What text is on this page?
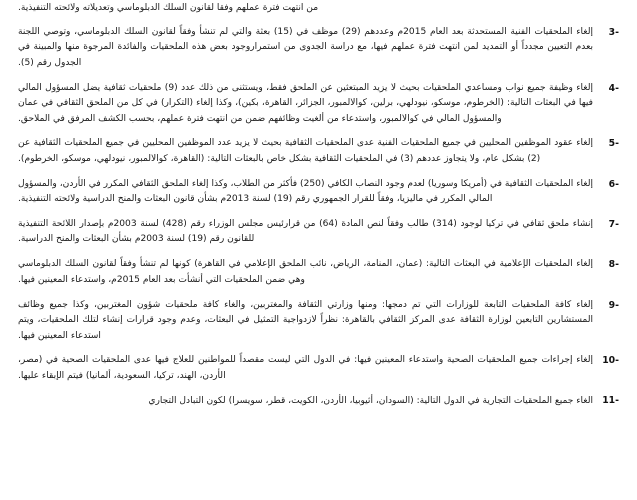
من انتهت فترة عملهم وفقا لقانون السلك الدبلوماسي وتعديلاته ولائحته التنفيذية.
3-
إلغاء الملحقيات الفنية المستحدثة بعد العام 2015م وعددهم (29) موظف في (15) بعثة والتي لم تنشأ وفقاً لقانون السلك الدبلوماسي، وتوصي اللجنة بعدم التعيين مجدداً أو التمديد لمن انتهت فترة عملهم فيها، مع دراسة الجدوى من استمراروجود بعض هذه الملحقيات والفائدة المرجوة منها والمبينة في الجدول رقم (5).
4-
إلغاء وظيفة جميع نواب ومساعدي الملحقيات بحيث لا يزيد المبتعثين عن الملحق فقط، ويستثنى من ذلك عدد (9) ملحقيات ثقافية يضل المسؤول المالي فيها في البعثات التالية: (الخرطوم، موسكو، نيودلهي، برلين، كوالالمبور، الجزائر، القاهرة، بكين)، وكذا إلغاء (التكرار) في كل من الملحق الثقافي في عمان والمسؤول المالي في كوالالمبور، واستدعاء من ألغيت وظائفهم ضمن من انتهت فترة عملهم، بحسب الكشف المرفق في الملاحق.
5-
إلغاء عقود الموظفين المحليين في جميع الملحقيات الفنية عدى الملحقيات الثقافية بحيث لا يزيد عدد الموظفين المحليين في جميع الملحقيات الثقافية عن (2) بشكل عام، ولا يتجاوز عددهم (3) في الملحقيات الثقافية بشكل خاص بالبعثات التالية: (القاهرة، كوالالمبور، نيودلهي، موسكو، الخرطوم).
6-
إلغاء الملحقيات الثقافية في (أمريكا وسوريا) لعدم وجود النصاب الكافي (250) فأكثر من الطلاب، وكذا إلغاء الملحق الثقافي المكرر في الأردن، والمسؤول المالي المكرر في ماليزيا، وفقاً للقرار الجمهوري رقم (19) لسنة 2013م بشأن قانون البعثات والمنح الدراسية ولائحته التنفيذية.
7-
إنشاء ملحق ثقافي في تركيا لوجود (314) طالب وفقاً لنص المادة (64) من قرارئيس مجلس الوزراء رقم (428) لسنة 2003م بإصدار اللائحة التنفيذية للقانون رقم (19) لسنة 2003م بشأن البعثات والمنح الدراسية.
8-
إلغاء الملحقيات الإعلامية في البعثات التالية: (عمان، المنامة، الرياض، نائب الملحق الإعلامي في القاهرة) كونها لم تنشأ وفقاً لقانون السلك الدبلوماسي وهي ضمن الملحقيات التي أنشأت بعد العام 2015م، واستدعاء المعينين فيها.
9-
إلغاء كافة الملحقيات التابعة للوزارات التي تم دمجها: ومنها وزارتي الثقافة والمغتربين، والغاء كافة ملحقيات شؤون المغتربين، وكذا جميع وظائف المستشارين التابعين لوزارة الثقافة عدى المركز الثقافي بالقاهرة: نظراً لازدواجية التمثيل في البعثات، وعدم وجود قرارات إنشاء لتلك الملحقيات، ويتم استدعاء المعينين فيها.
10-
إلغاء إجراءات جميع الملحقيات الصحية واستدعاء المعينين فيها: في الدول التي ليست مقصداً للمواطنين للعلاج فيها عدى الملحقيات الصحية في (مصر، الأردن، الهند، تركيا، السعودية، ألمانيا) فيتم الإبقاء عليها.
11-
الغاء جميع الملحقيات التجارية في الدول التالية: (السودان، أثيوبيا، الأردن، الكويت، قطر، سويسرا) لكون التبادل التجاري
